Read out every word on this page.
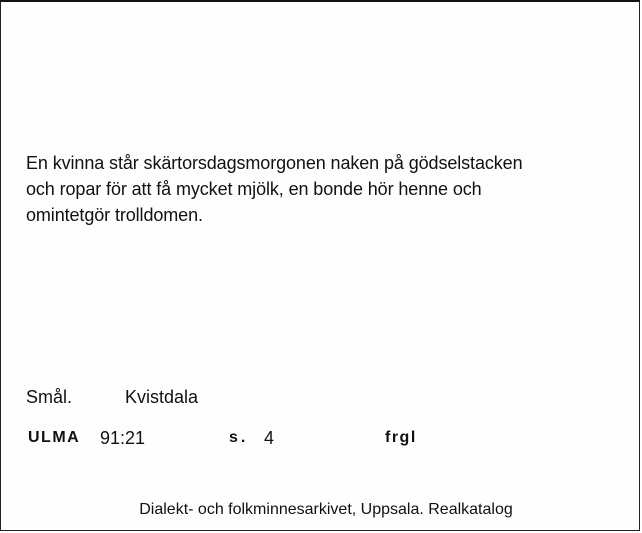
En kvinna står skärtorsdagsmorgonen naken på gödselstacken
och ropar för att få mycket mjölk, en bonde hör henne och
omintetgör trolldomen.

Smål.	Kvistdala
ULMA 91:21	s. 4	frgl
Dialekt- och folkminnesarkivet, Uppsala. Realkatalog
